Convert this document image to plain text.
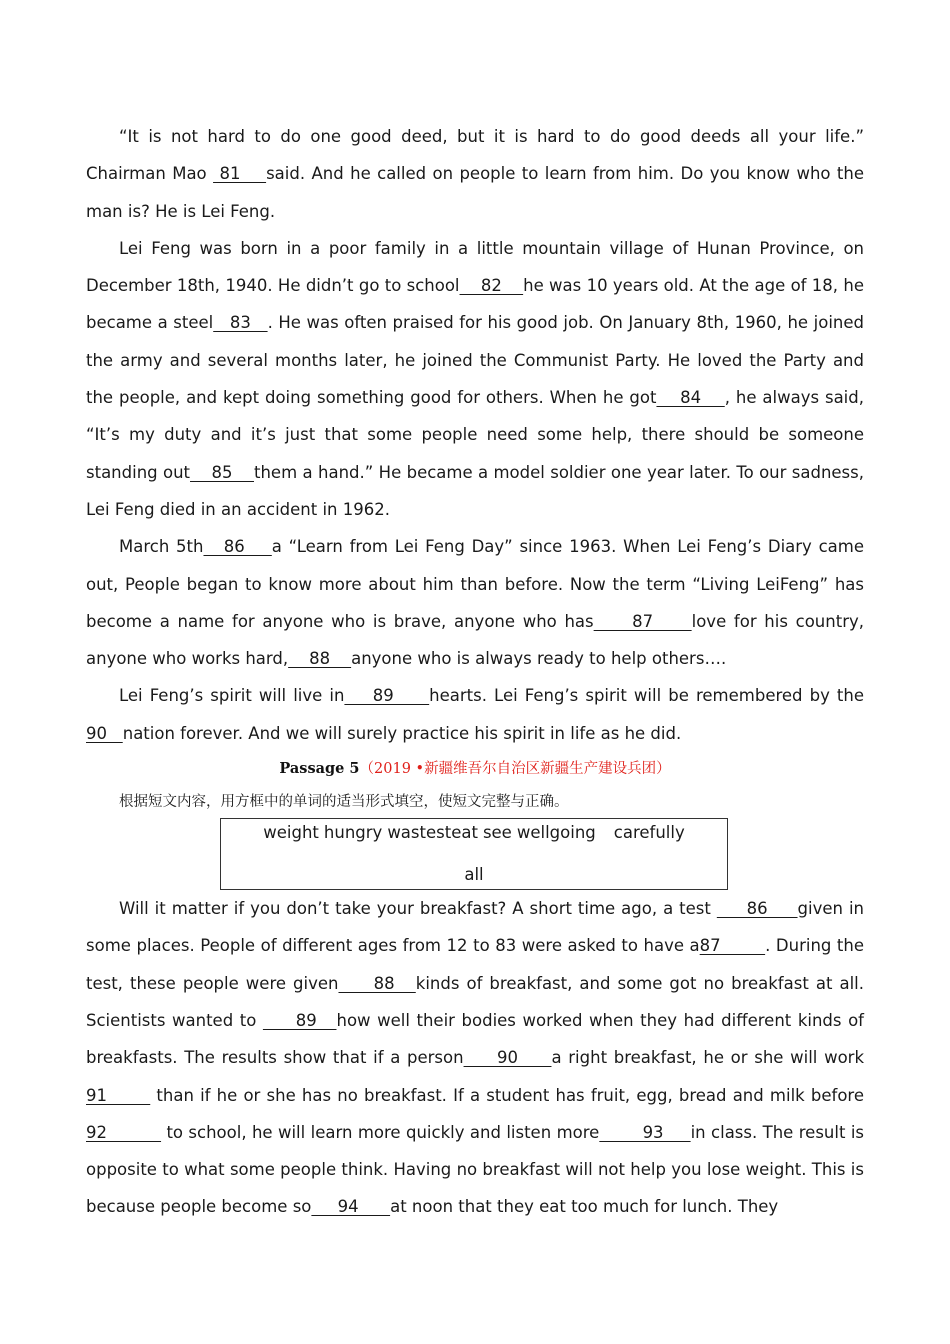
“It is not hard to do one good deed, but it is hard to do good deeds all your life.” Chairman Mao  81    said. And he called on people to learn from him. Do you know who the man is? He is Lei Feng.

Lei Feng was born in a poor family in a little mountain village of Hunan Province, on December 18th, 1940. He didn’t go to school    82    he was 10 years old. At the age of 18, he became a steel   83   . He was often praised for his good job. On January 8th, 1960, he joined the army and several months later, he joined the Communist Party. He loved the Party and the people, and kept doing something good for others. When he got    84    , he always said, “It’s my duty and it’s just that some people need some help, there should be someone standing out    85    them a hand.” He became a model soldier one year later. To our sadness, Lei Feng died in an accident in 1962.

March 5th   86    a “Learn from Lei Feng Day” since 1963. When Lei Feng’s Diary came out, People began to know more about him than before. Now the term “Living LeiFeng” has become a name for anyone who is brave, anyone who has     87     love for his country, anyone who works hard,    88    anyone who is always ready to help others….

Lei Feng’s spirit will live in    89     hearts. Lei Feng’s spirit will be remembered by the 90   nation forever. And we will surely practice his spirit in life as he did.

Passage 5（2019 •新疆维吾尔自治区新疆生产建设兵团）

根据短文内容，用方框中的单词的适当形式填空，使短文完整与正确。

weight hungry wastesteat see wellgoing carefully
all

Will it matter if you don’t take your breakfast? A short time ago, a test      86     given in some places. People of different ages from 12 to 83 were asked to have a87        . During the test, these people were given     88   kinds of breakfast, and some got no breakfast at all. Scientists wanted to      89   how well their bodies worked when they had different kinds of breakfasts. The results show that if a person     90     a right breakfast, he or she will work 91        than if he or she has no breakfast. If a student has fruit, egg, bread and milk before 92           to school, he will learn more quickly and listen more        93     in class. The result is opposite to what some people think. Having no breakfast will not help you lose weight. This is because people become so     94      at noon that they eat too much for lunch. They
